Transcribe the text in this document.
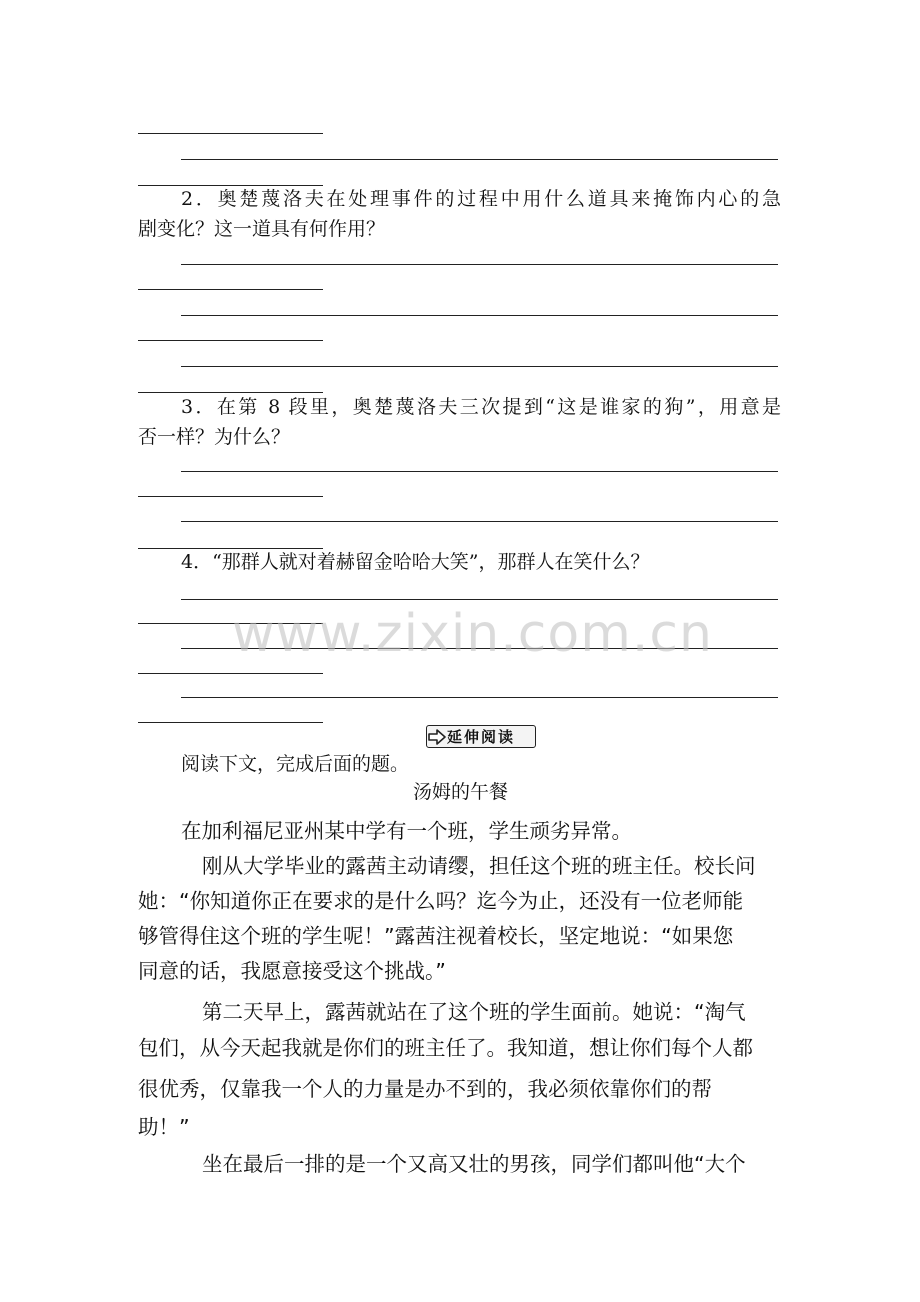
2．奥楚蔑洛夫在处理事件的过程中用什么道具来掩饰内心的急
剧变化？这一道具有何作用？
3．在第 8 段里，奥楚蔑洛夫三次提到“这是谁家的狗”，用意是
否一样？为什么？
4．“那群人就对着赫留金哈哈大笑”，那群人在笑什么？
www.zixin.com.cn
延伸阅读
阅读下文，完成后面的题。
汤姆的午餐
在加利福尼亚州某中学有一个班，学生顽劣异常。
刚从大学毕业的露茜主动请缨，担任这个班的班主任。校长问
她：“你知道你正在要求的是什么吗？迄今为止，还没有一位老师能
够管得住这个班的学生呢！”露茜注视着校长，坚定地说：“如果您
同意的话，我愿意接受这个挑战。”
第二天早上，露茜就站在了这个班的学生面前。她说：“淘气
包们，从今天起我就是你们的班主任了。我知道，想让你们每个人都
很优秀，仅靠我一个人的力量是办不到的，我必须依靠你们的帮
助！”
坐在最后一排的是一个又高又壮的男孩，同学们都叫他“大个
